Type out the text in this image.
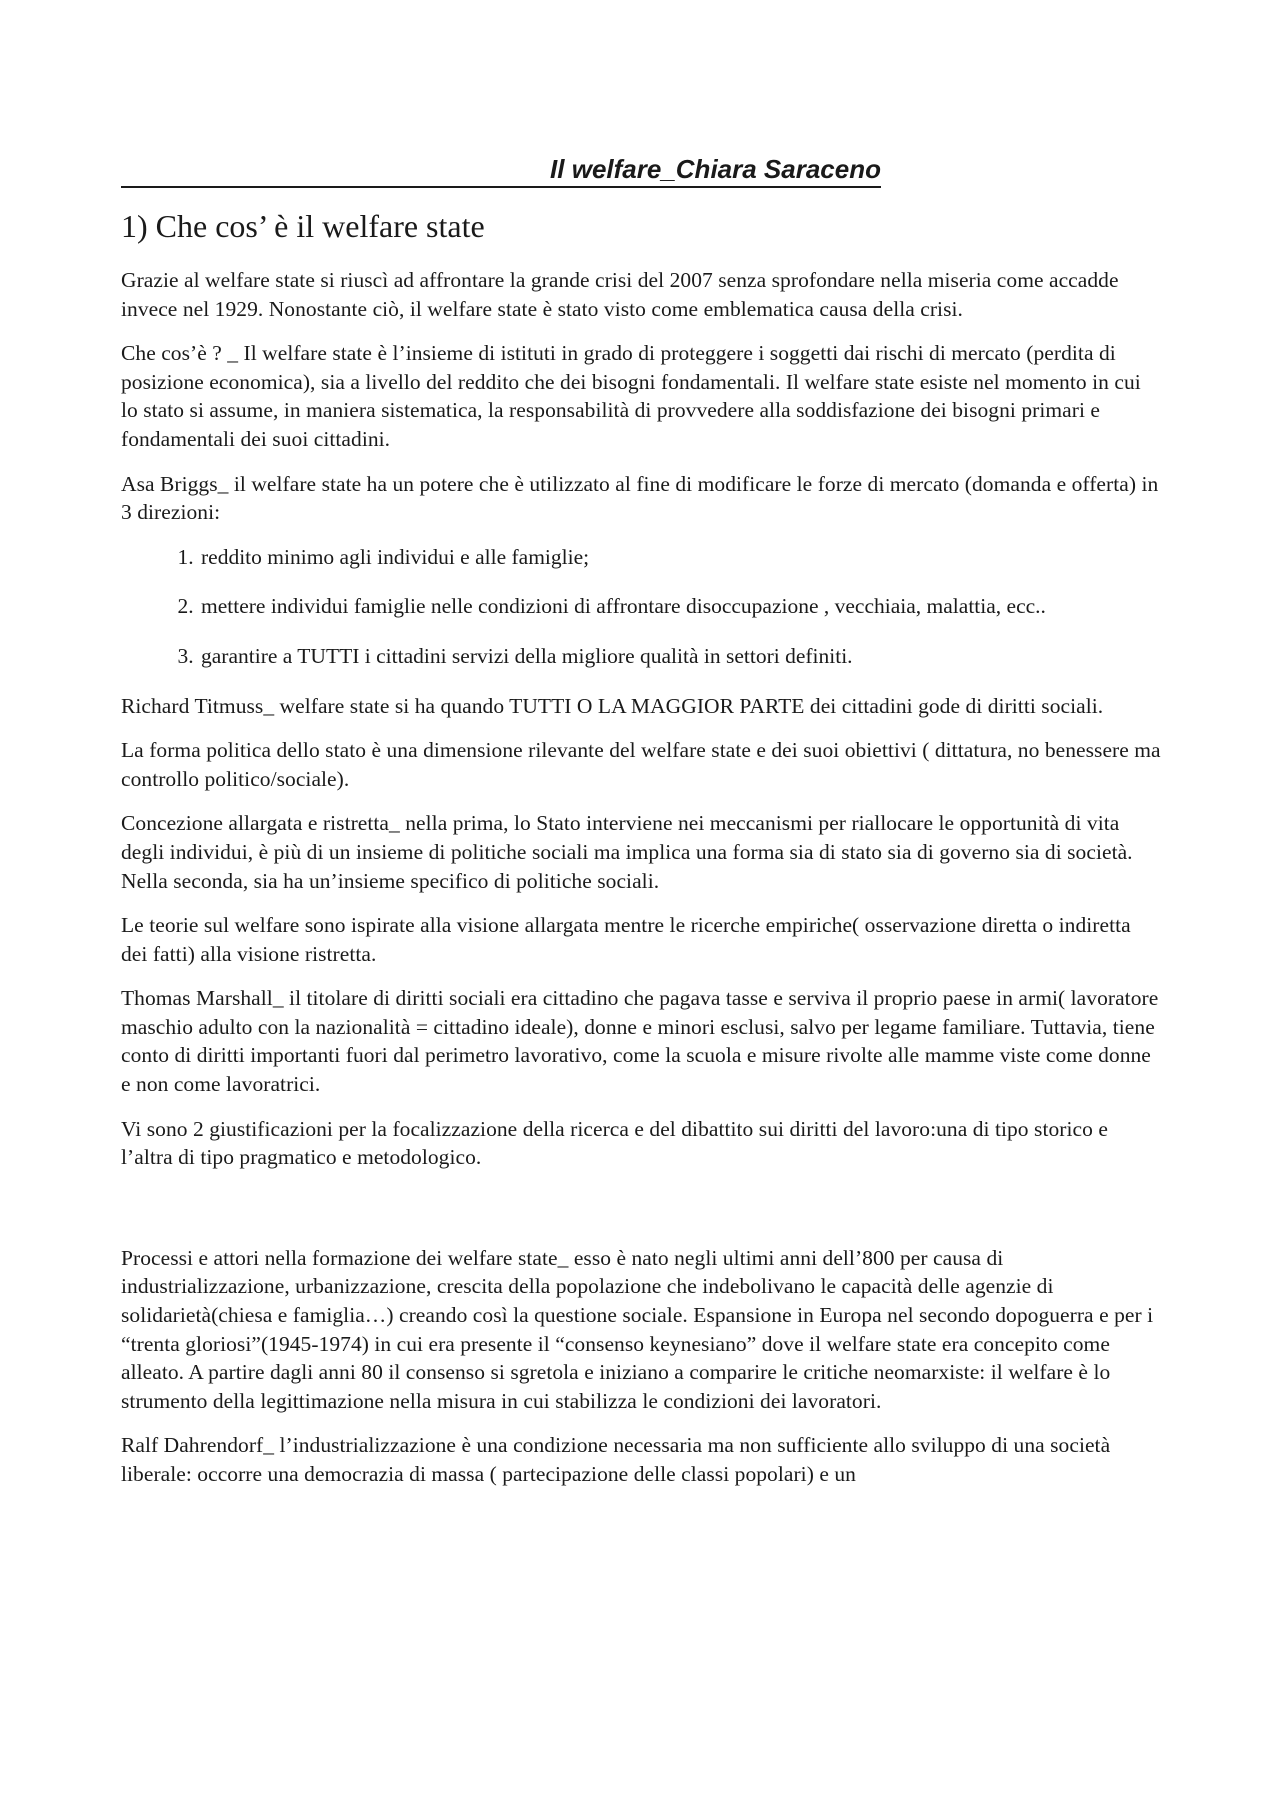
Il welfare_Chiara Saraceno
1) Che cos’ è il welfare state

Grazie al welfare state si riuscì ad affrontare la grande crisi del 2007 senza sprofondare nella miseria come accadde invece nel 1929. Nonostante ciò, il welfare state è stato visto come emblematica causa della crisi.

Che cos’è ? _ Il welfare state è l’insieme di istituti in grado di proteggere i soggetti dai rischi di mercato (perdita di posizione economica), sia a livello del reddito che dei bisogni fondamentali. Il welfare state esiste nel momento in cui lo stato si assume, in maniera sistematica, la responsabilità di provvedere alla soddisfazione dei bisogni primari e fondamentali dei suoi cittadini.

Asa Briggs_ il welfare state ha un potere che è utilizzato al fine di modificare le forze di mercato (domanda e offerta) in 3 direzioni:

1. reddito minimo agli individui e alle famiglie;
2. mettere individui famiglie nelle condizioni di affrontare disoccupazione , vecchiaia, malattia, ecc..
3. garantire a TUTTI i cittadini servizi della migliore qualità in settori definiti.

Richard Titmuss_ welfare state si ha quando TUTTI O LA MAGGIOR PARTE dei cittadini gode di diritti sociali.

La forma politica dello stato è una dimensione rilevante del welfare state e dei suoi obiettivi ( dittatura, no benessere ma controllo politico/sociale).

Concezione allargata e ristretta_ nella prima, lo Stato interviene nei meccanismi per riallocare le opportunità di vita degli individui, è più di un insieme di politiche sociali ma implica una forma sia di stato sia di governo sia di società. Nella seconda, sia ha un’insieme specifico di politiche sociali.

Le teorie sul welfare sono ispirate alla visione allargata mentre le ricerche empiriche( osservazione diretta o indiretta dei fatti) alla visione ristretta.

Thomas Marshall_ il titolare di diritti sociali era cittadino che pagava tasse e serviva il proprio paese in armi( lavoratore maschio adulto con la nazionalità = cittadino ideale), donne e minori esclusi, salvo per legame familiare. Tuttavia, tiene conto di diritti importanti fuori dal perimetro lavorativo, come la scuola e misure rivolte alle mamme viste come donne e non come lavoratrici.

Vi sono 2 giustificazioni per la focalizzazione della ricerca e del dibattito sui diritti del lavoro:una di tipo storico e l’altra di tipo pragmatico e metodologico.

Processi e attori nella formazione dei welfare state_ esso è nato negli ultimi anni dell’800 per causa di industrializzazione, urbanizzazione, crescita della popolazione che indebolivano le capacità delle agenzie di solidarietà(chiesa e famiglia…) creando così la questione sociale. Espansione in Europa nel secondo dopoguerra e per i “trenta gloriosi”(1945-1974) in cui era presente il “consenso keynesiano” dove il welfare state era concepito come alleato. A partire dagli anni 80 il consenso si sgretola e iniziano a comparire le critiche neomarxiste: il welfare è lo strumento della legittimazione nella misura in cui stabilizza le condizioni dei lavoratori.

Ralf Dahrendorf_ l’industrializzazione è una condizione necessaria ma non sufficiente allo sviluppo di una società liberale: occorre una democrazia di massa ( partecipazione delle classi popolari) e un
